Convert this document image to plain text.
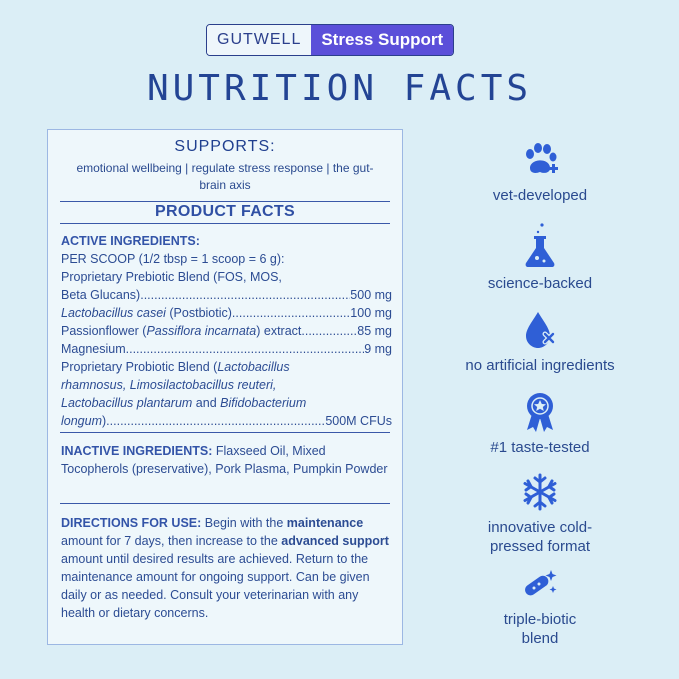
GUTWELL	Stress Support
NUTRITION FACTS
SUPPORTS:
emotional wellbeing | regulate stress response | the gut-brain axis
PRODUCT FACTS
ACTIVE INGREDIENTS:
PER SCOOP (1/2 tbsp = 1 scoop = 6 g):
Proprietary Prebiotic Blend (FOS, MOS,
Beta Glucans) .....	500 mg
Lactobacillus casei (Postbiotic) .....	100 mg
Passionflower (Passiflora incarnata) extract .....	85 mg
Magnesium .....	9 mg
Proprietary Probiotic Blend (Lactobacillus
rhamnosus, Limosilactobacillus reuteri,
Lactobacillus plantarum and Bifidobacterium
longum) .....	500M CFUs
INACTIVE INGREDIENTS: Flaxseed Oil, Mixed Tocopherols (preservative), Pork Plasma, Pumpkin Powder
DIRECTIONS FOR USE: Begin with the maintenance amount for 7 days, then increase to the advanced support amount until desired results are achieved. Return to the maintenance amount for ongoing support. Can be given daily or as needed. Consult your veterinarian with any health or dietary concerns.
vet-developed
science-backed
no artificial ingredients
#1 taste-tested
innovative cold-
pressed format
triple-biotic
blend
